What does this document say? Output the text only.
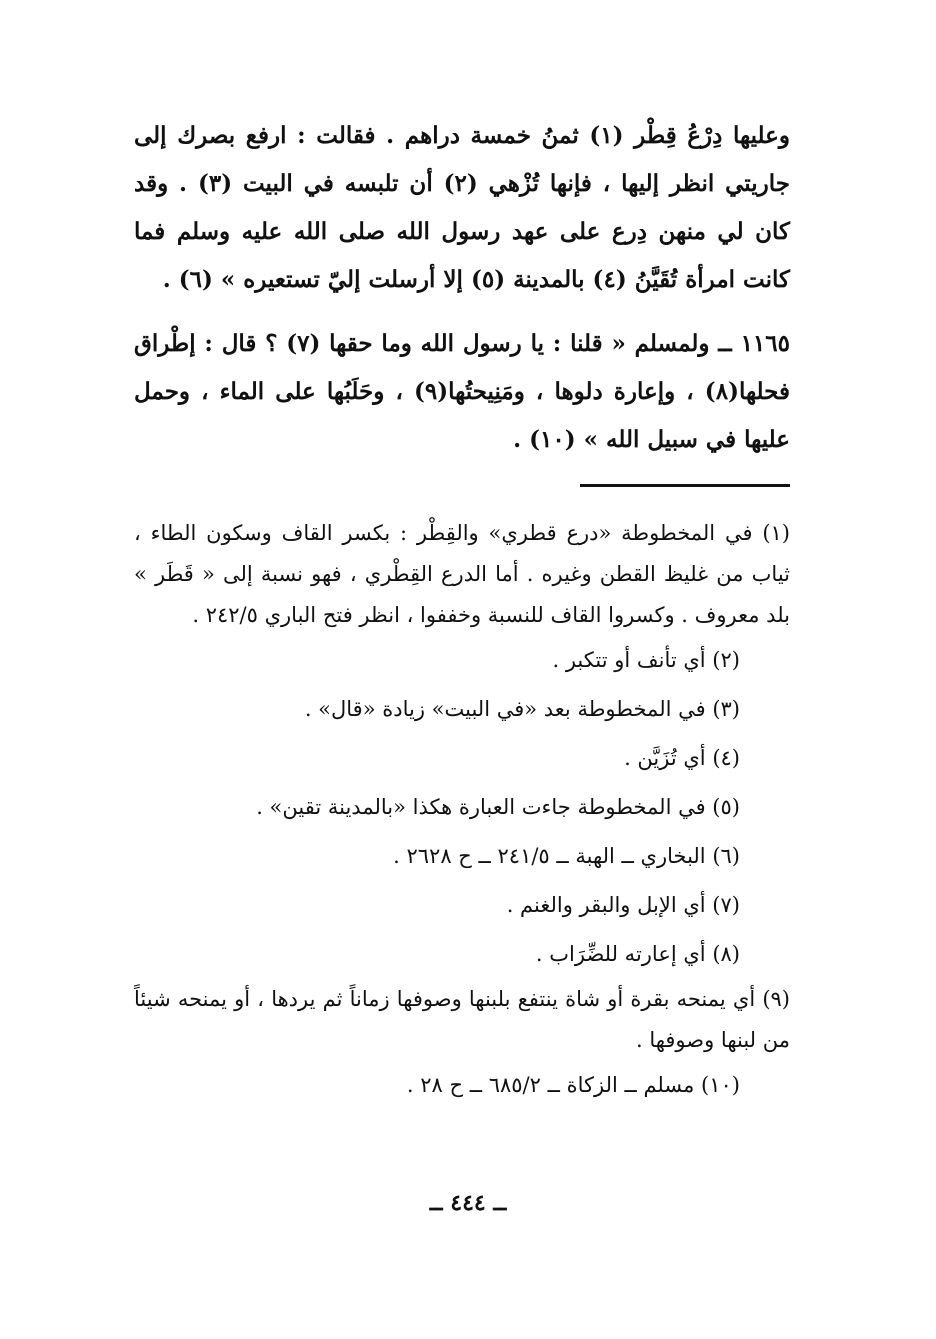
وعليها دِرْعُ قِطْر (١) ثمنُ خمسة دراهم . فقالت : ارفع بصرك إلى جاريتي انظر إليها ، فإنها تُزْهي (٢) أن تلبسه في البيت (٣) . وقد كان لي منهن دِرع على عهد رسول الله صلى الله عليه وسلم فما كانت امرأة تُقَيَّنُ (٤) بالمدينة (٥) إلا أرسلت إليّ تستعيره » (٦) .

١١٦٥ ــ ولمسلم « قلنا : يا رسول الله وما حقها (٧) ؟ قال : إطْراق فحلها(٨) ، وإعارة دلوها ، ومَنِيحتُها(٩) ، وحَلَبُها على الماء ، وحمل عليها في سبيل الله » (١٠) .

(١) في المخطوطة «درع قطري» والقِطْر : بكسر القاف وسكون الطاء ، ثياب من غليظ القطن وغيره . أما الدرع القِطْري ، فهو نسبة إلى « قَطَر » بلد معروف . وكسروا القاف للنسبة وخففوا ، انظر فتح الباري ٢٤٢/٥ .

(٢) أي تأنف أو تتكبر .

(٣) في المخطوطة بعد «في البيت» زيادة «قال» .

(٤) أي تُزَيَّن .

(٥) في المخطوطة جاءت العبارة هكذا «بالمدينة تقين» .

(٦) البخاري ــ الهبة ــ ٢٤١/٥ ــ ح ٢٦٢٨ .

(٧) أي الإبل والبقر والغنم .

(٨) أي إعارته للضِّرَاب .

(٩) أي يمنحه بقرة أو شاة ينتفع بلبنها وصوفها زماناً ثم يردها ، أو يمنحه شيئاً من لبنها وصوفها .

(١٠) مسلم ــ الزكاة ــ ٦٨٥/٢ ــ ح ٢٨ .

ــ ٤٤٤ ــ
